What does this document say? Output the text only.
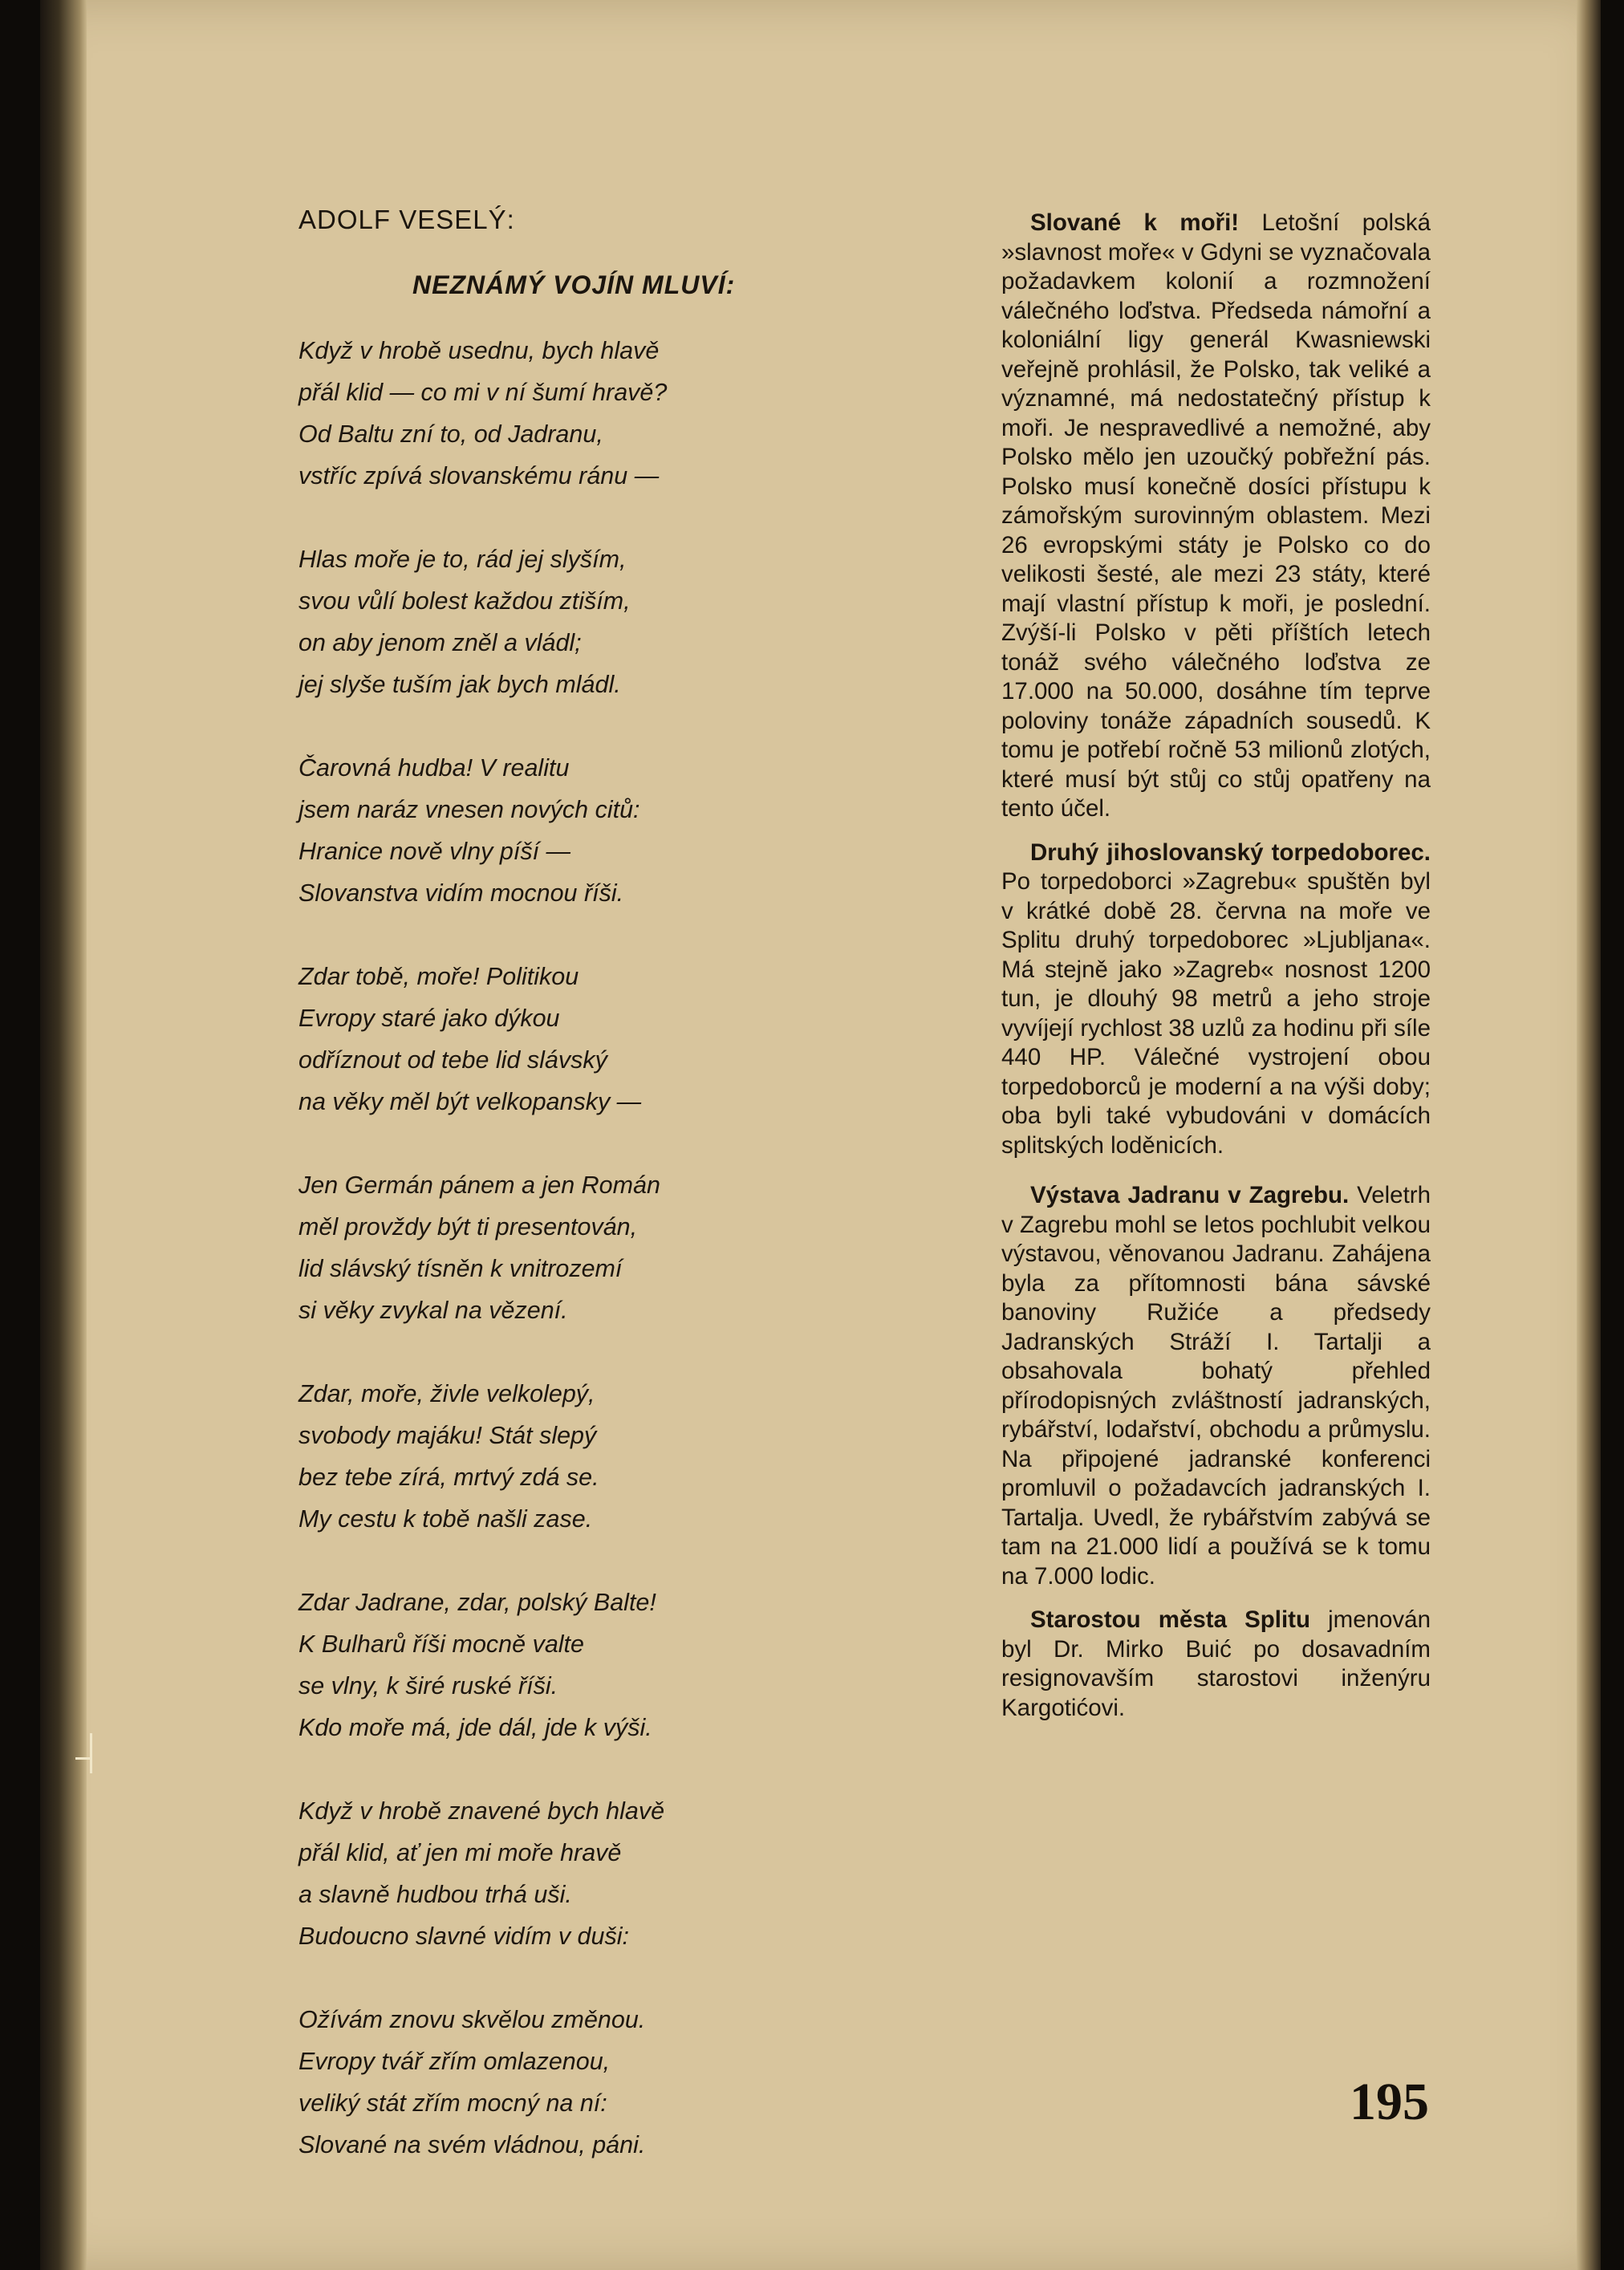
ADOLF VESELÝ:
NEZNÁMÝ VOJÍN MLUVÍ:
Když v hrobě usednu, bych hlavě
přál klid — co mi v ní šumí hravě?
Od Baltu zní to, od Jadranu,
vstříc zpívá slovanskému ránu —
Hlas moře je to, rád jej slyším,
svou vůlí bolest každou ztiším,
on aby jenom zněl a vládl;
jej slyše tuším jak bych mládl.
Čarovná hudba! V realitu
jsem naráz vnesen nových citů:
Hranice nově vlny píší —
Slovanstva vidím mocnou říši.
Zdar tobě, moře! Politikou
Evropy staré jako dýkou
odříznout od tebe lid slávský
na věky měl být velkopansky —
Jen Germán pánem a jen Román
měl provždy být ti presentován,
lid slávský tísněn k vnitrozemí
si věky zvykal na vězení.
Zdar, moře, živle velkolepý,
svobody majáku! Stát slepý
bez tebe zírá, mrtvý zdá se.
My cestu k tobě našli zase.
Zdar Jadrane, zdar, polský Balte!
K Bulharů říši mocně valte
se vlny, k širé ruské říši.
Kdo moře má, jde dál, jde k výši.
Když v hrobě znavené bych hlavě
přál klid, ať jen mi moře hravě
a slavně hudbou trhá uši.
Budoucno slavné vidím v duši:
Ožívám znovu skvělou změnou.
Evropy tvář zřím omlazenou,
veliký stát zřím mocný na ní:
Slované na svém vládnou, páni.

Slované k moři! Letošní polská »slavnost moře« v Gdyni se vyznačovala požadavkem kolonií a rozmnožení válečného loďstva. Předseda námořní a koloniální ligy generál Kwasniewski veřejně prohlásil, že Polsko, tak veliké a významné, má nedostatečný přístup k moři. Je nespravedlivé a nemožné, aby Polsko mělo jen uzoučký pobřežní pás. Polsko musí konečně dosíci přístupu k zámořským surovinným oblastem. Mezi 26 evropskými státy je Polsko co do velikosti šesté, ale mezi 23 státy, které mají vlastní přístup k moři, je poslední. Zvýší-li Polsko v pěti příštích letech tonáž svého válečného loďstva ze 17.000 na 50.000, dosáhne tím teprve poloviny tonáže západních sousedů. K tomu je potřebí ročně 53 milionů zlotých, které musí být stůj co stůj opatřeny na tento účel.

Druhý jihoslovanský torpedoborec. Po torpedoborci »Zagrebu« spuštěn byl v krátké době 28. června na moře ve Splitu druhý torpedoborec »Ljubljana«. Má stejně jako »Zagreb« nosnost 1200 tun, je dlouhý 98 metrů a jeho stroje vyvíjejí rychlost 38 uzlů za hodinu při síle 440 HP. Válečné vystrojení obou torpedoborců je moderní a na výši doby; oba byli také vybudováni v domácích splitských loděnicích.

Výstava Jadranu v Zagrebu. Veletrh v Zagrebu mohl se letos pochlubit velkou výstavou, věnovanou Jadranu. Zahájena byla za přítomnosti bána sávské banoviny Ružiće a předsedy Jadranských Stráží I. Tartalji a obsahovala bohatý přehled přírodopisných zvláštností jadranských, rybářství, lodařství, obchodu a průmyslu. Na připojené jadranské konferenci promluvil o požadavcích jadranských I. Tartalja. Uvedl, že rybářstvím zabývá se tam na 21.000 lidí a používá se k tomu na 7.000 lodic.

Starostou města Splitu jmenován byl Dr. Mirko Buić po dosavadním resignovavším starostovi inženýru Kargotićovi.

195
